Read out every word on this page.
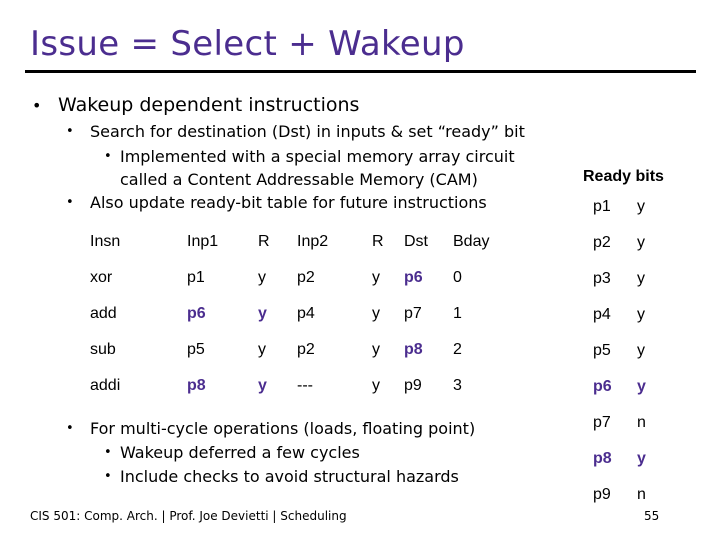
Issue = Select + Wakeup
• Wakeup dependent instructions
• Search for destination (Dst) in inputs & set “ready” bit
• Implemented with a special memory array circuit
called a Content Addressable Memory (CAM)
• Also update ready-bit table for future instructions
Insn	Inp1	R	Inp2	R	Dst	Bday
xor	p1	y	p2	y	p6	0
add	p6	y	p4	y	p7	1
sub	p5	y	p2	y	p8	2
addi	p8	y	---	y	p9	3
Ready bits
p1	y
p2	y
p3	y
p4	y
p5	y
p6	y
p7	n
p8	y
p9	n
• For multi-cycle operations (loads, floating point)
• Wakeup deferred a few cycles
• Include checks to avoid structural hazards
CIS 501: Comp. Arch. | Prof. Joe Devietti | Scheduling	55
